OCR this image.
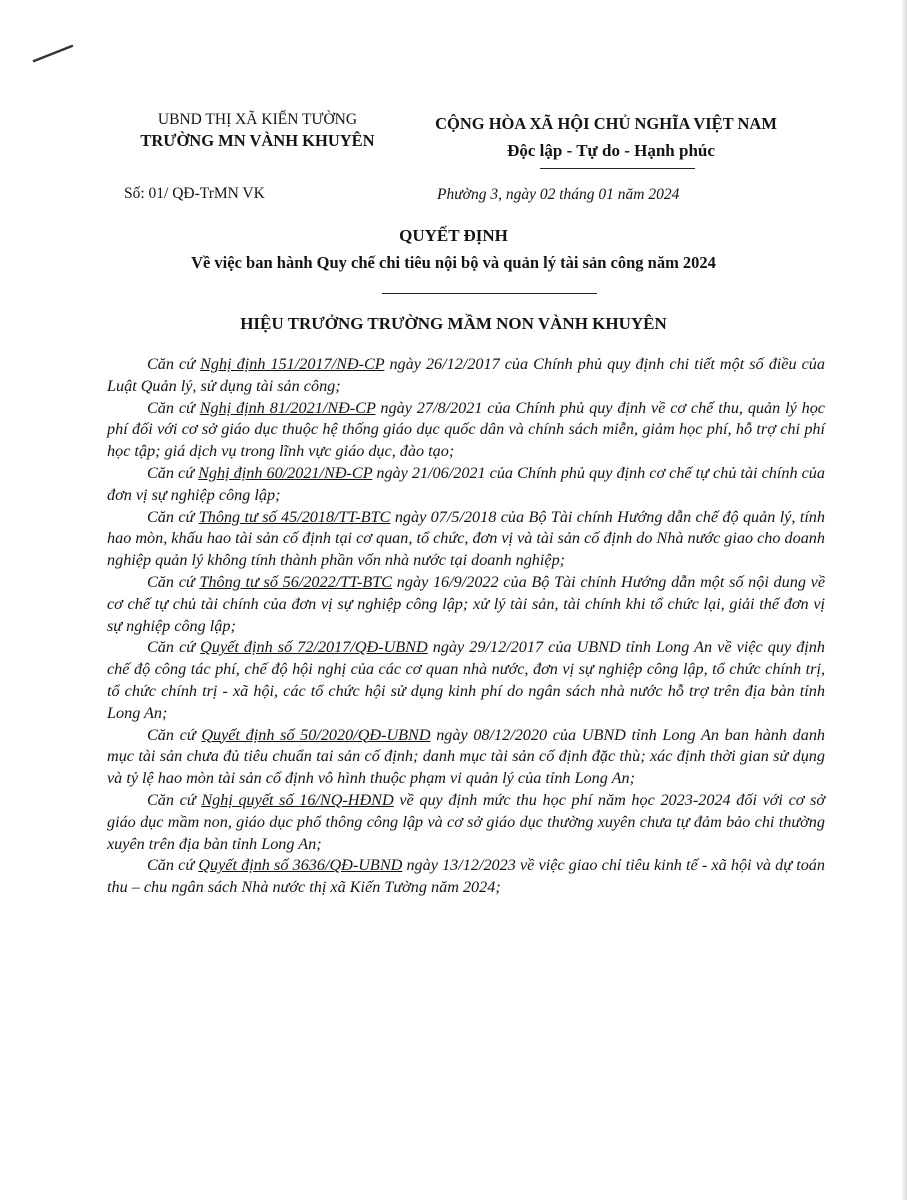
UBND THỊ XÃ KIẾN TƯỜNG
TRƯỜNG MN VÀNH KHUYÊN
CỘNG HÒA XÃ HỘI CHỦ NGHĨA VIỆT NAM
Độc lập - Tự do - Hạnh phúc
Số: 01/ QĐ-TrMN VK	Phường 3, ngày 02 tháng 01 năm 2024
QUYẾT ĐỊNH
Về việc ban hành Quy chế chi tiêu nội bộ và quản lý tài sản công năm 2024
HIỆU TRƯỞNG TRƯỜNG MẦM NON VÀNH KHUYÊN

Căn cứ Nghị định 151/2017/NĐ-CP ngày 26/12/2017 của Chính phủ quy định chi tiết một số điều của Luật Quản lý, sử dụng tài sản công;

Căn cứ Nghị định 81/2021/NĐ-CP ngày 27/8/2021 của Chính phủ quy định về cơ chế thu, quản lý học phí đối với cơ sở giáo dục thuộc hệ thống giáo dục quốc dân và chính sách miễn, giảm học phí, hỗ trợ chi phí học tập; giá dịch vụ trong lĩnh vực giáo dục, đào tạo;

Căn cứ Nghị định 60/2021/NĐ-CP ngày 21/06/2021 của Chính phủ quy định cơ chế tự chủ tài chính của đơn vị sự nghiệp công lập;

Căn cứ Thông tư số 45/2018/TT-BTC ngày 07/5/2018 của Bộ Tài chính Hướng dẫn chế độ quản lý, tính hao mòn, khấu hao tài sản cố định tại cơ quan, tổ chức, đơn vị và tài sản cố định do Nhà nước giao cho doanh nghiệp quản lý không tính thành phần vốn nhà nước tại doanh nghiệp;

Căn cứ Thông tư số 56/2022/TT-BTC ngày 16/9/2022 của Bộ Tài chính Hướng dẫn một số nội dung về cơ chế tự chủ tài chính của đơn vị sự nghiệp công lập; xử lý tài sản, tài chính khi tổ chức lại, giải thể đơn vị sự nghiệp công lập;

Căn cứ Quyết định số 72/2017/QĐ-UBND ngày 29/12/2017 của UBND tỉnh Long An về việc quy định chế độ công tác phí, chế độ hội nghị của các cơ quan nhà nước, đơn vị sự nghiệp công lập, tổ chức chính trị, tổ chức chính trị - xã hội, các tổ chức hội sử dụng kinh phí do ngân sách nhà nước hỗ trợ trên địa bàn tỉnh Long An;

Căn cứ Quyết định số 50/2020/QĐ-UBND ngày 08/12/2020 của UBND tỉnh Long An ban hành danh mục tài sản chưa đủ tiêu chuẩn tai sản cố định; danh mục tài sản cố định đặc thù; xác định thời gian sử dụng và tỷ lệ hao mòn tài sản cố định vô hình thuộc phạm vi quản lý của tỉnh Long An;

Căn cứ Nghị quyết số 16/NQ-HĐND về quy định mức thu học phí năm học 2023-2024 đối với cơ sở giáo dục mầm non, giáo dục phổ thông công lập và cơ sở giáo dục thường xuyên chưa tự đảm bảo chi thường xuyên trên địa bàn tỉnh Long An;

Căn cứ Quyết định số 3636/QĐ-UBND ngày 13/12/2023 về việc giao chỉ tiêu kinh tế - xã hội và dự toán thu – chu ngân sách Nhà nước thị xã Kiến Tường năm 2024;
